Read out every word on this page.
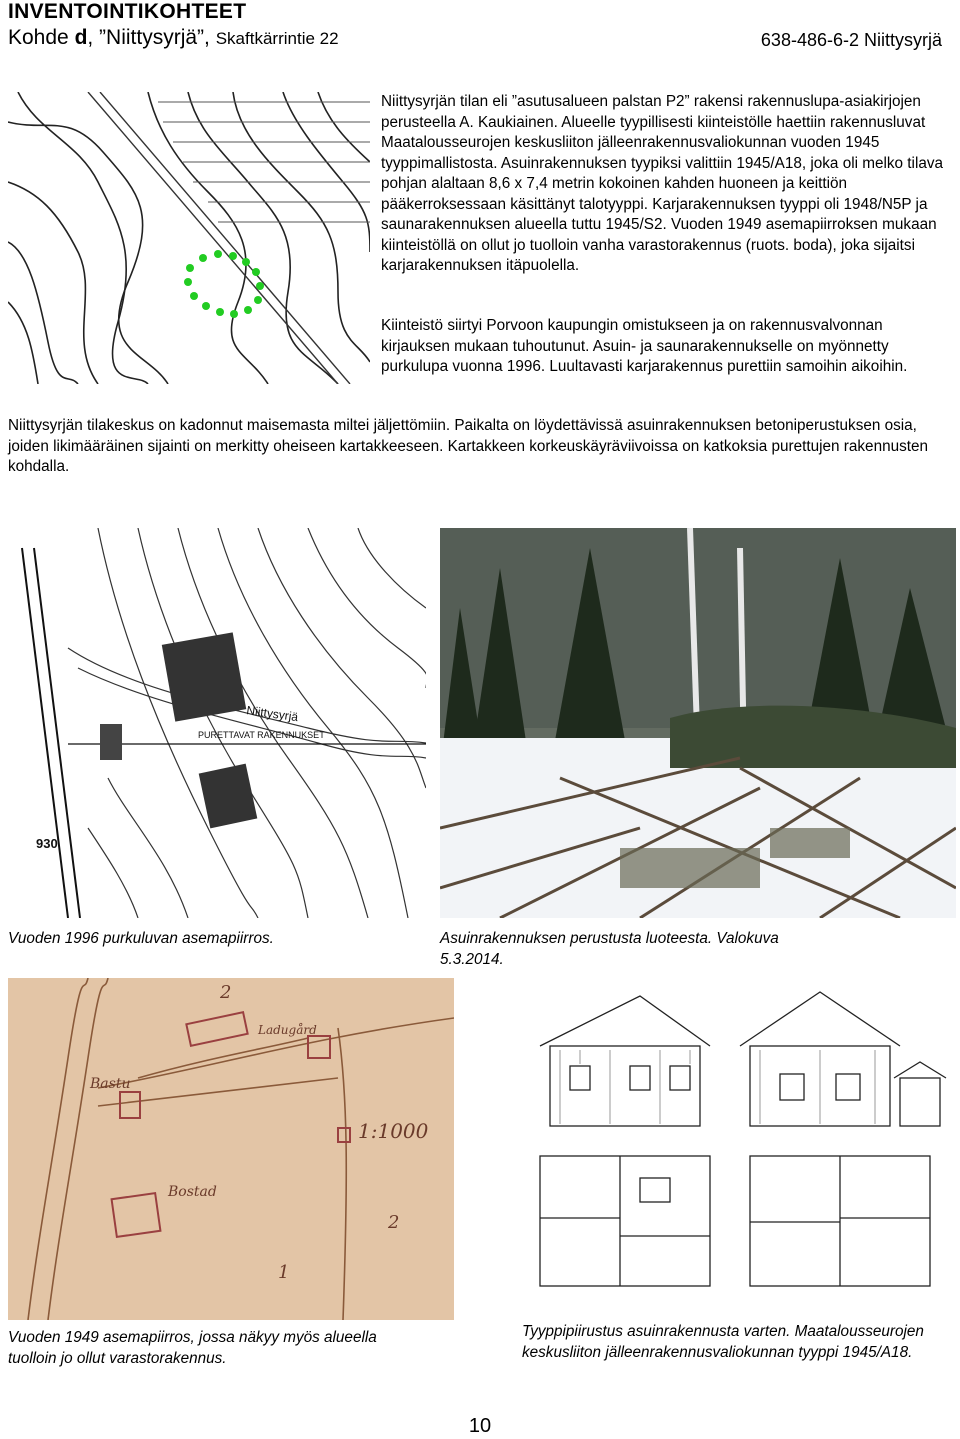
INVENTOINTIKOHTEET
Kohde d, ”Niittysyrjä”, Skaftkärrintie 22	638-486-6-2 Niittysyrjä
Niittysyrjän tilan eli ”asutusalueen palstan P2” rakensi rakennuslupa-asiakirjojen perusteella A. Kaukiainen. Alueelle tyypillisesti kiinteistölle haettiin rakennusluvat Maatalousseurojen keskusliiton jälleenrakennusvaliokunnan vuoden 1945 tyyppimallistosta. Asuinrakennuksen tyypiksi valittiin 1945/A18, joka oli melko tilava pohjan alaltaan 8,6 x 7,4 metrin kokoinen kahden huoneen ja keittiön pääkerroksessaan käsittänyt talotyyppi. Karjarakennuksen tyyppi oli 1948/N5P ja saunarakennuksen alueella tuttu 1945/S2. Vuoden 1949 asemapiirroksen mukaan kiinteistöllä on ollut jo tuolloin vanha varastorakennus (ruots. boda), joka sijaitsi karjarakennuksen itäpuolella.
Kiinteistö siirtyi Porvoon kaupungin omistukseen ja on rakennusvalvonnan kirjauksen mukaan tuhoutunut. Asuin- ja saunarakennukselle on myönnetty purkulupa vuonna 1996. Luultavasti karjarakennus purettiin samoihin aikoihin.
Niittysyrjän tilakeskus on kadonnut maisemasta miltei jäljettömiin. Paikalta on löydettävissä asuinrakennuksen betoniperustuksen osia, joiden likimääräinen sijainti on merkitty oheiseen kartakkeeseen. Kartakkeen korkeuskäyräviivoissa on katkoksia purettujen rakennusten kohdalla.
Niittysyrjä
PURETTAVAT RAKENNUKSET
930
Vuoden 1996 purkuluvan asemapiirros.	Asuinrakennuksen perustusta luoteesta. Valokuva 5.3.2014.
Bastu
Bostad
Ladugård
1:1000
2
2
1
Vuoden 1949 asemapiirros, jossa näkyy myös alueella tuolloin jo ollut varastorakennus.
Tyyppipiirustus asuinrakennusta varten. Maatalousseurojen keskusliiton jälleenrakennusvaliokunnan tyyppi 1945/A18.
10
